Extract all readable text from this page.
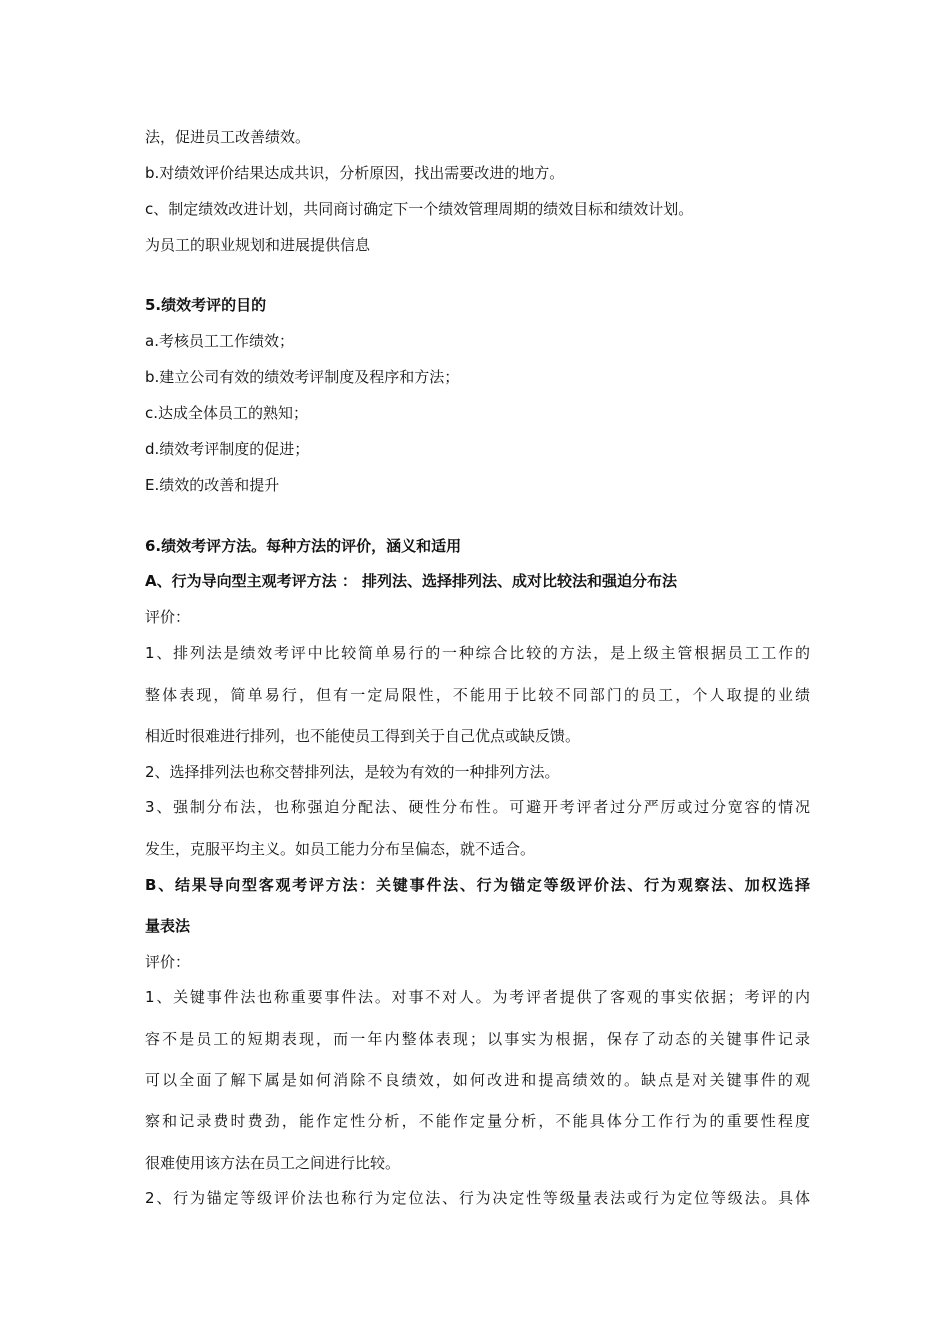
法，促进员工改善绩效。
b.对绩效评价结果达成共识，分析原因，找出需要改进的地方。
c、制定绩效改进计划，共同商讨确定下一个绩效管理周期的绩效目标和绩效计划。
为员工的职业规划和进展提供信息
5.绩效考评的目的
a.考核员工工作绩效；
b.建立公司有效的绩效考评制度及程序和方法；
c.达成全体员工的熟知；
d.绩效考评制度的促进；
E.绩效的改善和提升
6.绩效考评方法。每种方法的评价，涵义和适用
A、行为导向型主观考评方法 ： 排列法、选择排列法、成对比较法和强迫分布法
评价：
1、排列法是绩效考评中比较简单易行的一种综合比较的方法，是上级主管根据员工工作的
整体表现，简单易行，但有一定局限性，不能用于比较不同部门的员工，个人取提的业绩
相近时很难进行排列，也不能使员工得到关于自己优点或缺反馈。
2、选择排列法也称交替排列法，是较为有效的一种排列方法。
3、强制分布法，也称强迫分配法、硬性分布性。可避开考评者过分严厉或过分宽容的情况
发生，克服平均主义。如员工能力分布呈偏态，就不适合。
B、结果导向型客观考评方法：关键事件法、行为锚定等级评价法、行为观察法、加权选择
量表法
评价：
1、关键事件法也称重要事件法。对事不对人。为考评者提供了客观的事实依据；考评的内
容不是员工的短期表现，而一年内整体表现；以事实为根据，保存了动态的关键事件记录
可以全面了解下属是如何消除不良绩效，如何改进和提高绩效的。缺点是对关键事件的观
察和记录费时费劲，能作定性分析，不能作定量分析，不能具体分工作行为的重要性程度
很难使用该方法在员工之间进行比较。
2、行为锚定等级评价法也称行为定位法、行为决定性等级量表法或行为定位等级法。具体
